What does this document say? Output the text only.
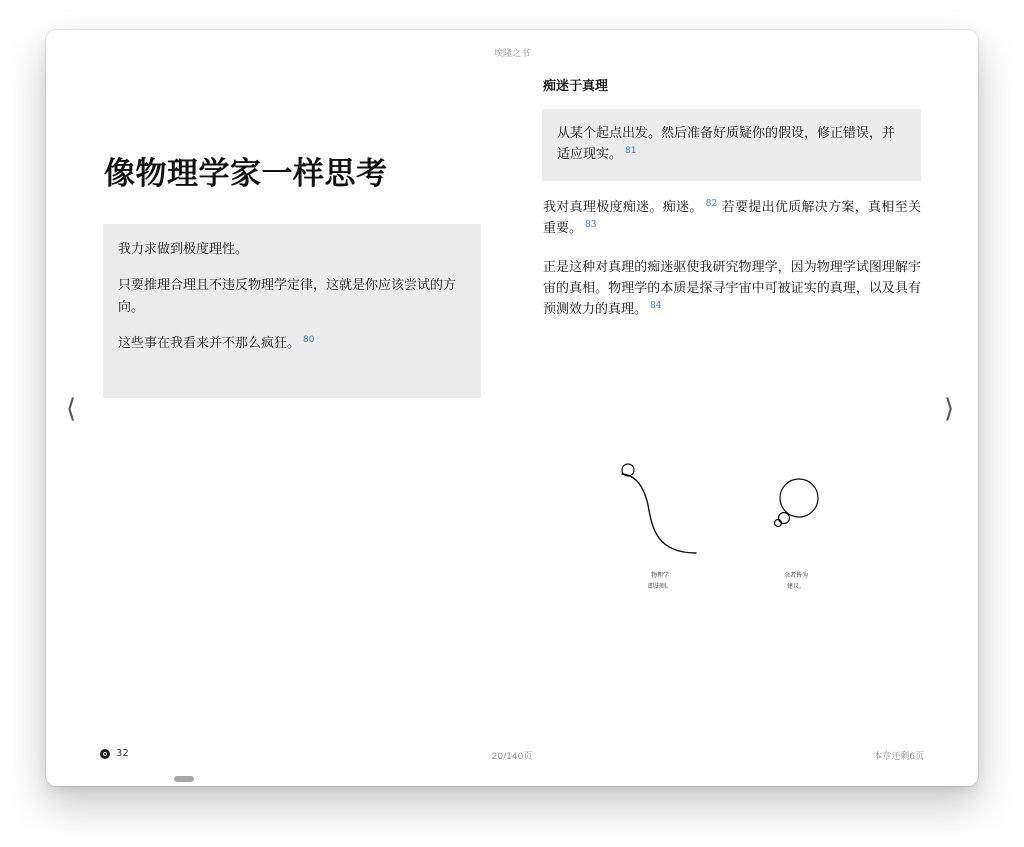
埃隆之书
像物理学家一样思考

我力求做到极度理性。

只要推理合理且不违反物理学定律，这就是你应该尝试的方向。

这些事在我看来并不那么疯狂。 $^{80}$

痴迷于真理
从某个起点出发。然后准备好质疑你的假设，修正错误，并适应现实。 $^{81}$

我对真理极度痴迷。痴迷。 $^{82}$ 若要提出优质解决方案，真相至关重要。 $^{83}$

正是这种对真理的痴迷驱使我研究物理学，因为物理学试图理解宇宙的真相。物理学的本质是探寻宇宙中可被证实的真理，以及具有预测效力的真理。 $^{84}$

物理学
即法则。
余者皆为
建议。
⟨	⟩
32	20/140页	本章还剩6页
